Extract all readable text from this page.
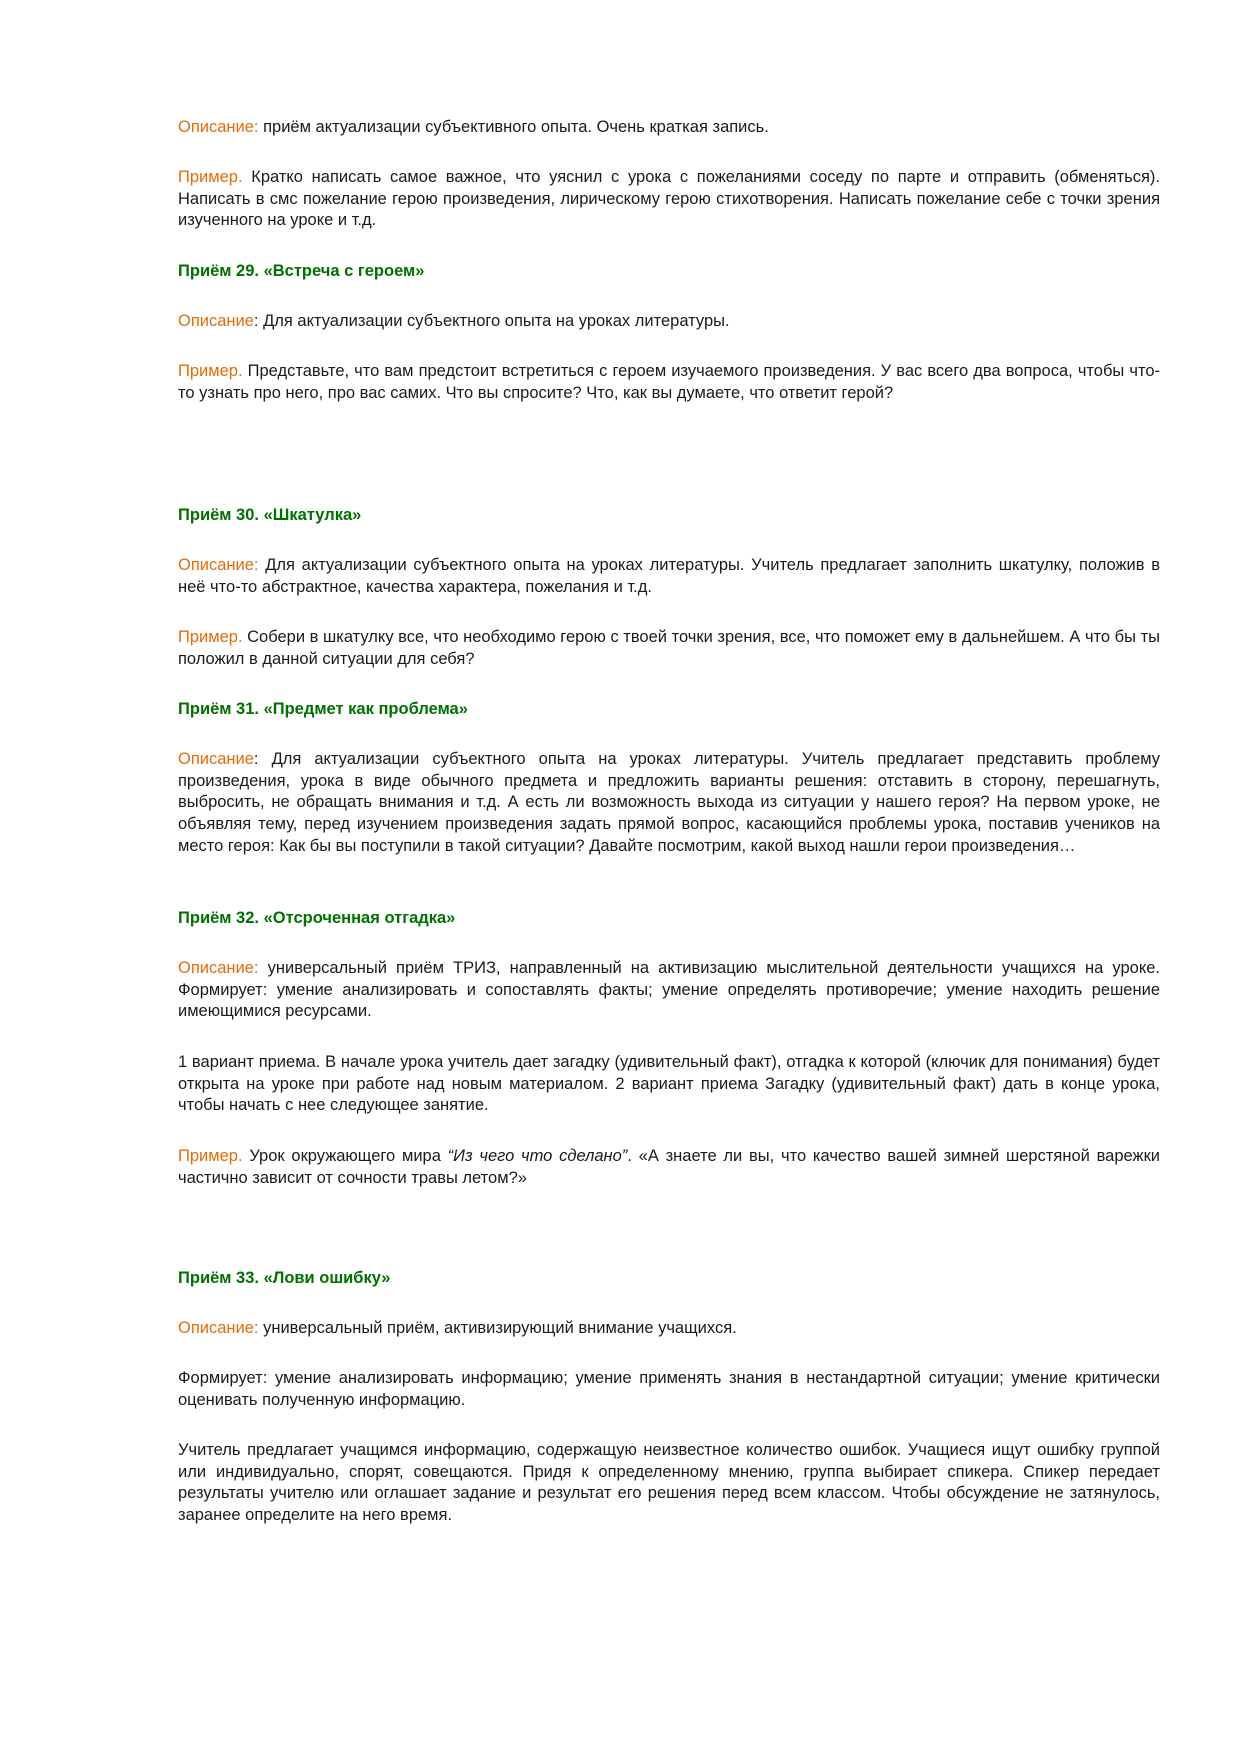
Описание: приём актуализации субъективного опыта. Очень краткая запись.

Пример. Кратко написать самое важное, что уяснил с урока с пожеланиями соседу по парте и отправить (обменяться). Написать в смс пожелание герою произведения, лирическому герою стихотворения. Написать пожелание себе с точки зрения изученного на уроке и т.д.

Приём 29. «Встреча с героем»

Описание: Для актуализации субъектного опыта на уроках литературы.

Пример. Представьте, что вам предстоит встретиться с героем изучаемого произведения. У вас всего два вопроса, чтобы что-то узнать про него, про вас самих. Что вы спросите? Что, как вы думаете, что ответит герой?

Приём 30. «Шкатулка»

Описание: Для актуализации субъектного опыта на уроках литературы. Учитель предлагает заполнить шкатулку, положив в неё что-то абстрактное, качества характера, пожелания и т.д.

Пример. Собери в шкатулку все, что необходимо герою с твоей точки зрения, все, что поможет ему в дальнейшем. А что бы ты положил в данной ситуации для себя?

Приём 31. «Предмет как проблема»

Описание: Для актуализации субъектного опыта на уроках литературы. Учитель предлагает представить проблему произведения, урока в виде обычного предмета и предложить варианты решения: отставить в сторону, перешагнуть, выбросить, не обращать внимания и т.д. А есть ли возможность выхода из ситуации у нашего героя? На первом уроке, не объявляя тему, перед изучением произведения задать прямой вопрос, касающийся проблемы урока, поставив учеников на место героя: Как бы вы поступили в такой ситуации? Давайте посмотрим, какой выход нашли герои произведения…

Приём 32. «Отсроченная отгадка»

Описание: универсальный приём ТРИЗ, направленный на активизацию мыслительной деятельности учащихся на уроке. Формирует: умение анализировать и сопоставлять факты; умение определять противоречие; умение находить решение имеющимися ресурсами.

1 вариант приема. В начале урока учитель дает загадку (удивительный факт), отгадка к которой (ключик для понимания) будет открыта на уроке при работе над новым материалом. 2 вариант приема Загадку (удивительный факт) дать в конце урока, чтобы начать с нее следующее занятие.

Пример. Урок окружающего мира “Из чего что сделано”. «А знаете ли вы, что качество вашей зимней шерстяной варежки частично зависит от сочности травы летом?»

Приём 33. «Лови ошибку»

Описание: универсальный приём, активизирующий внимание учащихся.

Формирует: умение анализировать информацию; умение применять знания в нестандартной ситуации; умение критически оценивать полученную информацию.

Учитель предлагает учащимся информацию, содержащую неизвестное количество ошибок. Учащиеся ищут ошибку группой или индивидуально, спорят, совещаются. Придя к определенному мнению, группа выбирает спикера. Спикер передает результаты учителю или оглашает задание и результат его решения перед всем классом. Чтобы обсуждение не затянулось, заранее определите на него время.
